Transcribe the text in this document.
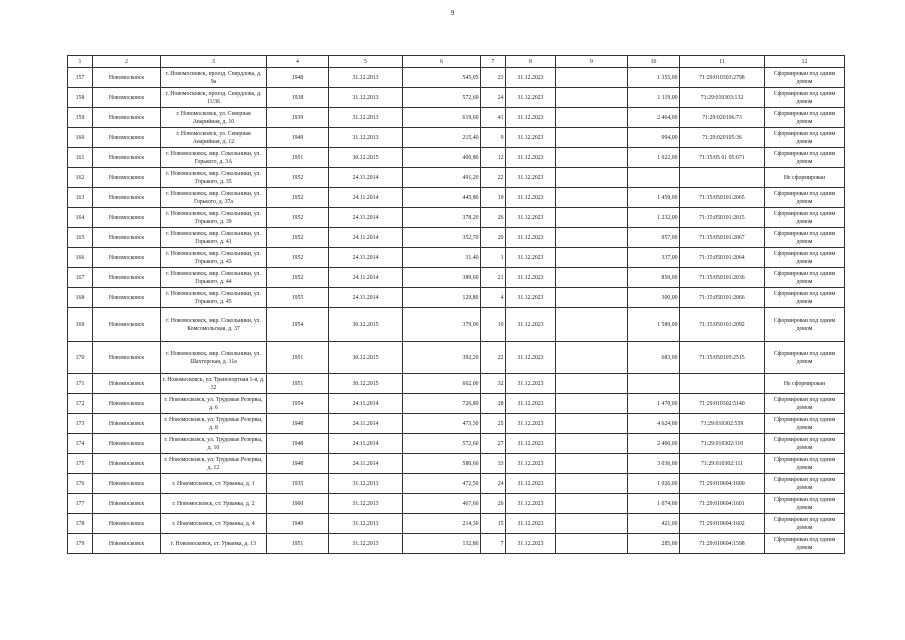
9
1	2	3	4	5	6	7	8	9	10	11	12
157	Новомосковск	г. Новомосковск, проезд. Свердлова, д. 9а	1948	31.12.2013	545,05	23	31.12.2023		1 355,00	71:29:010303:2798	Сформирован под одним домом
158	Новомосковск	г. Новомосковск, проезд. Свердлова, д. 11/36	1938	31.12.2013	572,60	24	31.12.2023		1 119,00	71:29:010303:132	Сформирован под одним домом
159	Новомосковск	г. Новомосковск, ул. Северная Аварийная, д. 10	1939	31.12.2013	619,60	41	31.12.2023		2 464,00	71:29:020106:73	Сформирован под одним домом
160	Новомосковск	г. Новомосковск, ул. Северная Аварийная, д. 12	1949	31.12.2013	215,40	9	31.12.2023		994,00	71:29:020105:36	Сформирован под одним домом
161	Новомосковск	г. Новомосковск, мкр. Сокольники, ул. Горького, д. 3А	1951	30.12.2015	400,80	12	31.12.2023		1 022,00	71:15:05 01 05:671	Сформирован под одним домом
162	Новомосковск	г. Новомосковск, мкр. Сокольники, ул. Горького, д. 35	1952	24.11.2014	491,20	22	31.12.2023				Не сформирован
163	Новомосковск	г. Новомосковск, мкр. Сокольники, ул. Горького, д. 37а	1952	24.11.2014	445,80	19	31.12.2023		1 459,00	71:15:050101:2065	Сформирован под одним домом
164	Новомосковск	г. Новомосковск, мкр. Сокольники, ул. Горького, д. 39	1952	24.11.2014	378,20	26	31.12.2023		1 232,00	71:15:050101:2015	Сформирован под одним домом
165	Новомосковск	г. Новомосковск, мкр. Сокольники, ул. Горького, д. 41	1952	24.11.2014	352,70	20	31.12.2023		957,00	71:15:050101:2067	Сформирован под одним домом
166	Новомосковск	г. Новомосковск, мкр. Сокольники, ул. Горького, д. 43	1952	24.11.2014	31,40	1	31.12.2023		337,00	71:15:050101:2064	Сформирован под одним домом
167	Новомосковск	г. Новомосковск, мкр. Сокольники, ул. Горького, д. 44	1952	24.11.2014	389,60	21	31.12.2023		850,00	71:15:050101:2036	Сформирован под одним домом
168	Новомосковск	г. Новомосковск, мкр. Сокольники, ул. Горького, д. 45	1955	24.11.2014	129,80	4	31.12.2023		300,00	71:15:050101:2066	Сформирован под одним домом
169	Новомосковск	г. Новомосковск, мкр. Сокольники, ул. Комсомольская, д. 37	1954	30.12.2015	379,00	10	31.12.2023		1 589,00	71:15:050101:2092	Сформирован под одним домом
170	Новомосковск	г. Новомосковск, мкр. Сокольники, ул. Шахтерская, д. 11а	1951	30.12.2015	392,20	22	31.12.2023		683,00	71:15:050105:2515	Сформирован под одним домом
171	Новомосковск	г. Новомосковск, ул. Транспортная 1-я, д. 32	1951	30.12.2015	662,00	32	31.12.2023				Не сформирован
172	Новомосковск	г. Новомосковск, ул. Трудовые Резервы, д. 6	1954	24.11.2014	726,80	28	31.12.2023		1 470,00	71:29:010302:5140	Сформирован под одним домом
173	Новомосковск	г. Новомосковск, ул. Трудовые Резервы, д. 8	1948	24.11.2014	473,30	25	31.12.2023		4 624,00	71:29:010302:559	Сформирован под одним домом
174	Новомосковск	г. Новомосковск, ул. Трудовые Резервы, д. 10	1948	24.11.2014	572,60	27	31.12.2023		2 400,00	71:29:010302:110	Сформирован под одним домом
175	Новомосковск	г. Новомосковск, ул. Трудовые Резервы, д. 12	1948	24.11.2014	580,60	33	31.12.2023		3 036,00	71:29:010302:111	Сформирован под одним домом
176	Новомосковск	г. Новомосковск, ст. Урванка, д. 1	1935	31.12.2013	472,50	24	31.12.2023		1 026,00	71:29:010604:1600	Сформирован под одним домом
177	Новомосковск	г. Новомосковск, ст. Урванка, д. 2	1960	31.12.2013	467,60	26	31.12.2023		1 074,00	71:29:010604:1601	Сформирован под одним домом
178	Новомосковск	г. Новомосковск, ст. Урванка, д. 4	1949	31.12.2013	214,30	15	31.12.2023		421,00	71:29:010604:1602	Сформирован под одним домом
179	Новомосковск	г. Новомосковск, ст. Урванка, д. 13	1951	31.12.2013	132,80	7	31.12.2023		285,00	71:29:010604:1598	Сформирован под одним домом
